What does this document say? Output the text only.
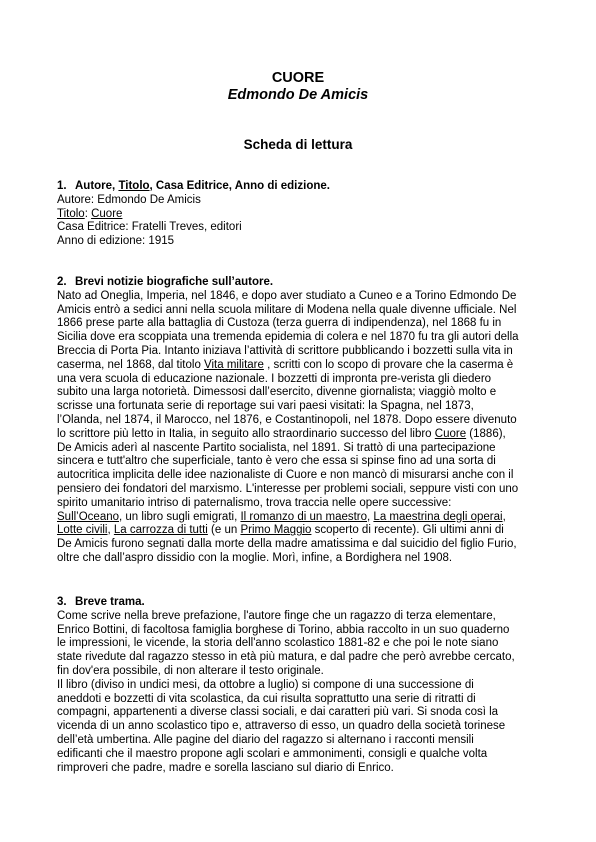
CUORE
Edmondo De Amicis
Scheda di lettura
1. Autore, Titolo, Casa Editrice, Anno di edizione.
Autore: Edmondo De Amicis
Titolo: Cuore
Casa Editrice: Fratelli Treves, editori
Anno di edizione: 1915
2. Brevi notizie biografiche sull’autore.
Nato ad Oneglia, Imperia, nel 1846, e dopo aver studiato a Cuneo e a Torino Edmondo De
Amicis entrò a sedici anni nella scuola militare di Modena nella quale divenne ufficiale. Nel
1866 prese parte alla battaglia di Custoza (terza guerra di indipendenza), nel 1868 fu in
Sicilia dove era scoppiata una tremenda epidemia di colera e nel 1870 fu tra gli autori della
Breccia di Porta Pia. Intanto iniziava l’attività di scrittore pubblicando i bozzetti sulla vita in
caserma, nel 1868, dal titolo Vita militare , scritti con lo scopo di provare che la caserma è
una vera scuola di educazione nazionale. I bozzetti di impronta pre-verista gli diedero
subito una larga notorietà. Dimessosi dall’esercito, divenne giornalista; viaggiò molto e
scrisse una fortunata serie di reportage sui vari paesi visitati: la Spagna, nel 1873,
l’Olanda, nel 1874, il Marocco, nel 1876, e Costantinopoli, nel 1878. Dopo essere divenuto
lo scrittore più letto in Italia, in seguito allo straordinario successo del libro Cuore (1886),
De Amicis aderì al nascente Partito socialista, nel 1891. Si trattò di una partecipazione
sincera e tutt'altro che superficiale, tanto è vero che essa si spinse fino ad una sorta di
autocritica implicita delle idee nazionaliste di Cuore e non mancò di misurarsi anche con il
pensiero dei fondatori del marxismo. L'interesse per problemi sociali, seppure visti con uno
spirito umanitario intriso di paternalismo, trova traccia nelle opere successive:
Sull’Oceano, un libro sugli emigrati, Il romanzo di un maestro, La maestrina degli operai,
Lotte civili, La carrozza di tutti (e un Primo Maggio scoperto di recente). Gli ultimi anni di
De Amicis furono segnati dalla morte della madre amatissima e dal suicidio del figlio Furio,
oltre che dall’aspro dissidio con la moglie. Morì, infine, a Bordighera nel 1908.
3. Breve trama.
Come scrive nella breve prefazione, l'autore finge che un ragazzo di terza elementare,
Enrico Bottini, di facoltosa famiglia borghese di Torino, abbia raccolto in un suo quaderno
le impressioni, le vicende, la storia dell'anno scolastico 1881-82 e che poi le note siano
state rivedute dal ragazzo stesso in età più matura, e dal padre che però avrebbe cercato,
fin dov'era possibile, di non alterare il testo originale.
Il libro (diviso in undici mesi, da ottobre a luglio) si compone di una successione di
aneddoti e bozzetti di vita scolastica, da cui risulta soprattutto una serie di ritratti di
compagni, appartenenti a diverse classi sociali, e dai caratteri più vari. Si snoda così la
vicenda di un anno scolastico tipo e, attraverso di esso, un quadro della società torinese
dell’età umbertina. Alle pagine del diario del ragazzo si alternano i racconti mensili
edificanti che il maestro propone agli scolari e ammonimenti, consigli e qualche volta
rimproveri che padre, madre e sorella lasciano sul diario di Enrico.
